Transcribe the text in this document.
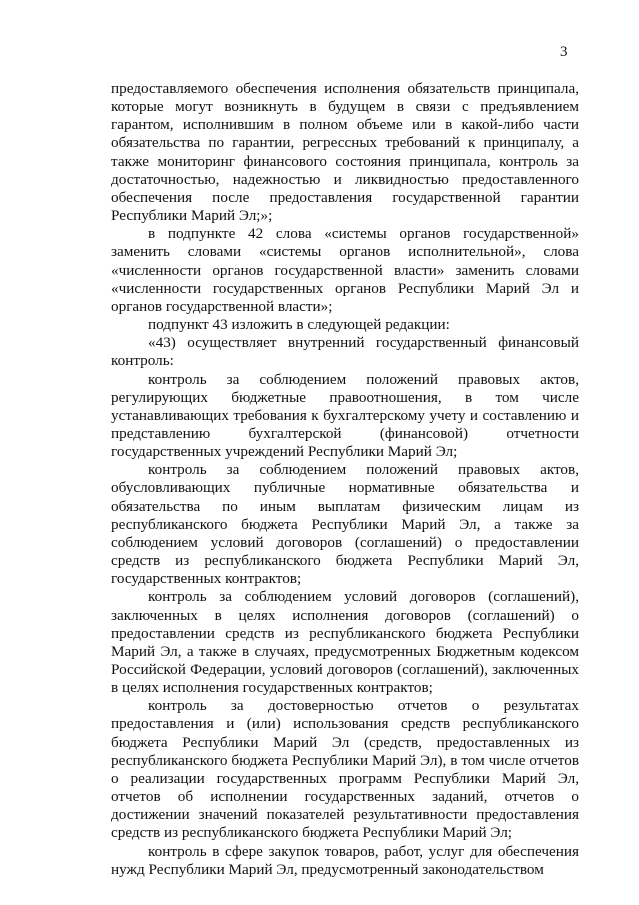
3

предоставляемого обеспечения исполнения обязательств принципала, которые могут возникнуть в будущем в связи с предъявлением гарантом, исполнившим в полном объеме или в какой-либо части обязательства по гарантии, регрессных требований к принципалу, а также мониторинг финансового состояния принципала, контроль за достаточностью, надежностью и ликвидностью предоставленного обеспечения после предоставления государственной гарантии Республики Марий Эл;»;

в подпункте 42 слова «системы органов государственной» заменить словами «системы органов исполнительной», слова «численности органов государственной власти» заменить словами «численности государственных органов Республики Марий Эл и органов государственной власти»;

подпункт 43 изложить в следующей редакции:

«43) осуществляет внутренний государственный финансовый контроль:

контроль за соблюдением положений правовых актов, регулирующих бюджетные правоотношения, в том числе устанавливающих требования к бухгалтерскому учету и составлению и представлению бухгалтерской (финансовой) отчетности государственных учреждений Республики Марий Эл;

контроль за соблюдением положений правовых актов, обусловливающих публичные нормативные обязательства и обязательства по иным выплатам физическим лицам из республиканского бюджета Республики Марий Эл, а также за соблюдением условий договоров (соглашений) о предоставлении средств из республиканского бюджета Республики Марий Эл, государственных контрактов;

контроль за соблюдением условий договоров (соглашений), заключенных в целях исполнения договоров (соглашений) о предоставлении средств из республиканского бюджета Республики Марий Эл, а также в случаях, предусмотренных Бюджетным кодексом Российской Федерации, условий договоров (соглашений), заключенных в целях исполнения государственных контрактов;

контроль за достоверностью отчетов о результатах предоставления и (или) использования средств республиканского бюджета Республики Марий Эл (средств, предоставленных из республиканского бюджета Республики Марий Эл), в том числе отчетов о реализации государственных программ Республики Марий Эл, отчетов об исполнении государственных заданий, отчетов о достижении значений показателей результативности предоставления средств из республиканского бюджета Республики Марий Эл;

контроль в сфере закупок товаров, работ, услуг для обеспечения нужд Республики Марий Эл, предусмотренный законодательством
